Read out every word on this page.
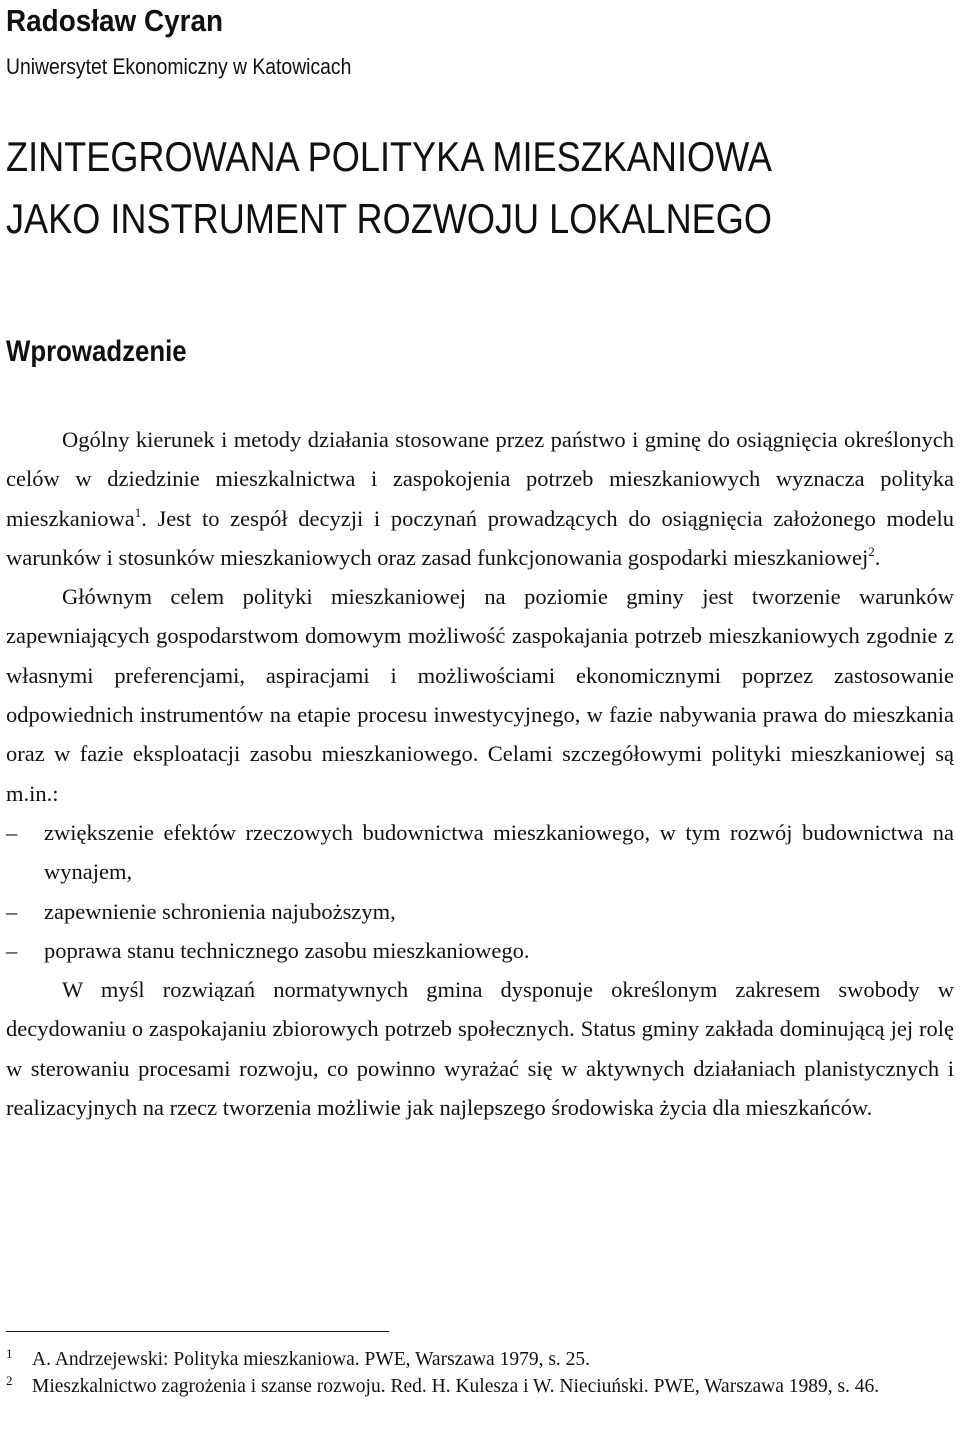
Radosław Cyran
Uniwersytet Ekonomiczny w Katowicach
ZINTEGROWANA POLITYKA MIESZKANIOWA
JAKO INSTRUMENT ROZWOJU LOKALNEGO
Wprowadzenie

Ogólny kierunek i metody działania stosowane przez państwo i gminę do osiągnięcia określonych celów w dziedzinie mieszkalnictwa i zaspokojenia potrzeb mieszkaniowych wyznacza polityka mieszkaniowa$^1$. Jest to zespół decyzji i poczynań prowadzących do osiągnięcia założonego modelu warunków i stosunków mieszkaniowych oraz zasad funkcjonowania gospodarki mieszkaniowej$^2$.

Głównym celem polityki mieszkaniowej na poziomie gminy jest tworzenie warunków zapewniających gospodarstwom domowym możliwość zaspokajania potrzeb mieszkaniowych zgodnie z własnymi preferencjami, aspiracjami i możliwościami ekonomicznymi poprzez zastosowanie odpowiednich instrumentów na etapie procesu inwestycyjnego, w fazie nabywania prawa do mieszkania oraz w fazie eksploatacji zasobu mieszkaniowego. Celami szczegółowymi polityki mieszkaniowej są m.in.:

– zwiększenie efektów rzeczowych budownictwa mieszkaniowego, w tym rozwój budownictwa na wynajem,
– zapewnienie schronienia najuboższym,
– poprawa stanu technicznego zasobu mieszkaniowego.

W myśl rozwiązań normatywnych gmina dysponuje określonym zakresem swobody w decydowaniu o zaspokajaniu zbiorowych potrzeb społecznych. Status gminy zakłada dominującą jej rolę w sterowaniu procesami rozwoju, co powinno wyrażać się w aktywnych działaniach planistycznych i realizacyjnych na rzecz tworzenia możliwie jak najlepszego środowiska życia dla mieszkańców.

1 A. Andrzejewski: Polityka mieszkaniowa. PWE, Warszawa 1979, s. 25.
2 Mieszkalnictwo zagrożenia i szanse rozwoju. Red. H. Kulesza i W. Nieciuński. PWE, Warszawa 1989, s. 46.
